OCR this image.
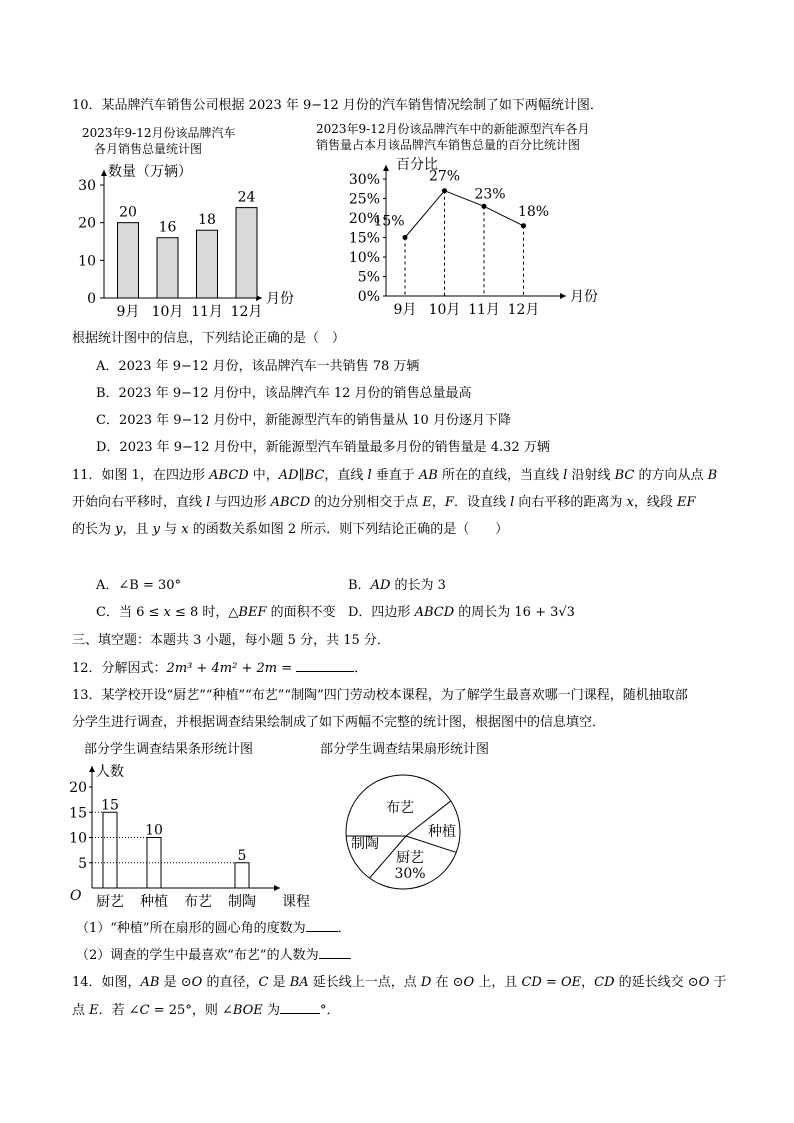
10．某品牌汽车销售公司根据 2023 年 9−12 月份的汽车销售情况绘制了如下两幅统计图．
2023年9-12月份该品牌汽车
各月销售总量统计图
2023年9-12月份该品牌汽车中的新能源型汽车各月
销售量占本月该品牌汽车销售总量的百分比统计图
0
10
20
30
数量（万辆）
月份
20
9月
16
10月
18
11月
24
12月
0%
5%
10%
15%
20%
25%
30%
百分比
月份
15%
9月
27%
10月
23%
11月
18%
12月
根据统计图中的信息，下列结论正确的是（　）
A．2023 年 9−12 月份，该品牌汽车一共销售 78 万辆
B．2023 年 9−12 月份中，该品牌汽车 12 月份的销售总量最高
C．2023 年 9−12 月份中，新能源型汽车的销售量从 10 月份逐月下降
D．2023 年 9−12 月份中，新能源型汽车销量最多月份的销售量是 4.32 万辆
11．如图 1，在四边形 ABCD 中，AD∥BC，直线 l 垂直于 AB 所在的直线，当直线 l 沿射线 BC 的方向从点 B
开始向右平移时，直线 l 与四边形 ABCD 的边分别相交于点 E，F．设直线 l 向右平移的距离为 x，线段 EF
的长为 y，且 y 与 x 的函数关系如图 2 所示．则下列结论正确的是（　　）
A．∠B = 30°	B．AD 的长为 3
C．当 6 ≤ x ≤ 8 时，△BEF 的面积不变 D．四边形 ABCD 的周长为 16 + 3√3
三、填空题：本题共 3 小题，每小题 5 分，共 15 分．
12．分解因式：2m³ + 4m² + 2m =	．
13．某学校开设“厨艺”“种植”“布艺”“制陶”四门劳动校本课程，为了解学生最喜欢哪一门课程，随机抽取部
分学生进行调查，并根据调查结果绘制成了如下两幅不完整的统计图，根据图中的信息填空．
部分学生调查结果条形统计图	部分学生调查结果扇形统计图
人数
课程
O
5
10
15
20
15
厨艺
10
种植 布艺
5
制陶
布艺
种植
厨艺
30%
制陶
（1）“种植”所在扇形的圆心角的度数为 ．
（2）调查的学生中最喜欢“布艺”的人数为
14．如图，AB 是 ⊙O 的直径，C 是 BA 延长线上一点，点 D 在 ⊙O 上，且 CD = OE，CD 的延长线交 ⊙O 于
点 E．若 ∠C = 25°，则 ∠BOE 为	°．
